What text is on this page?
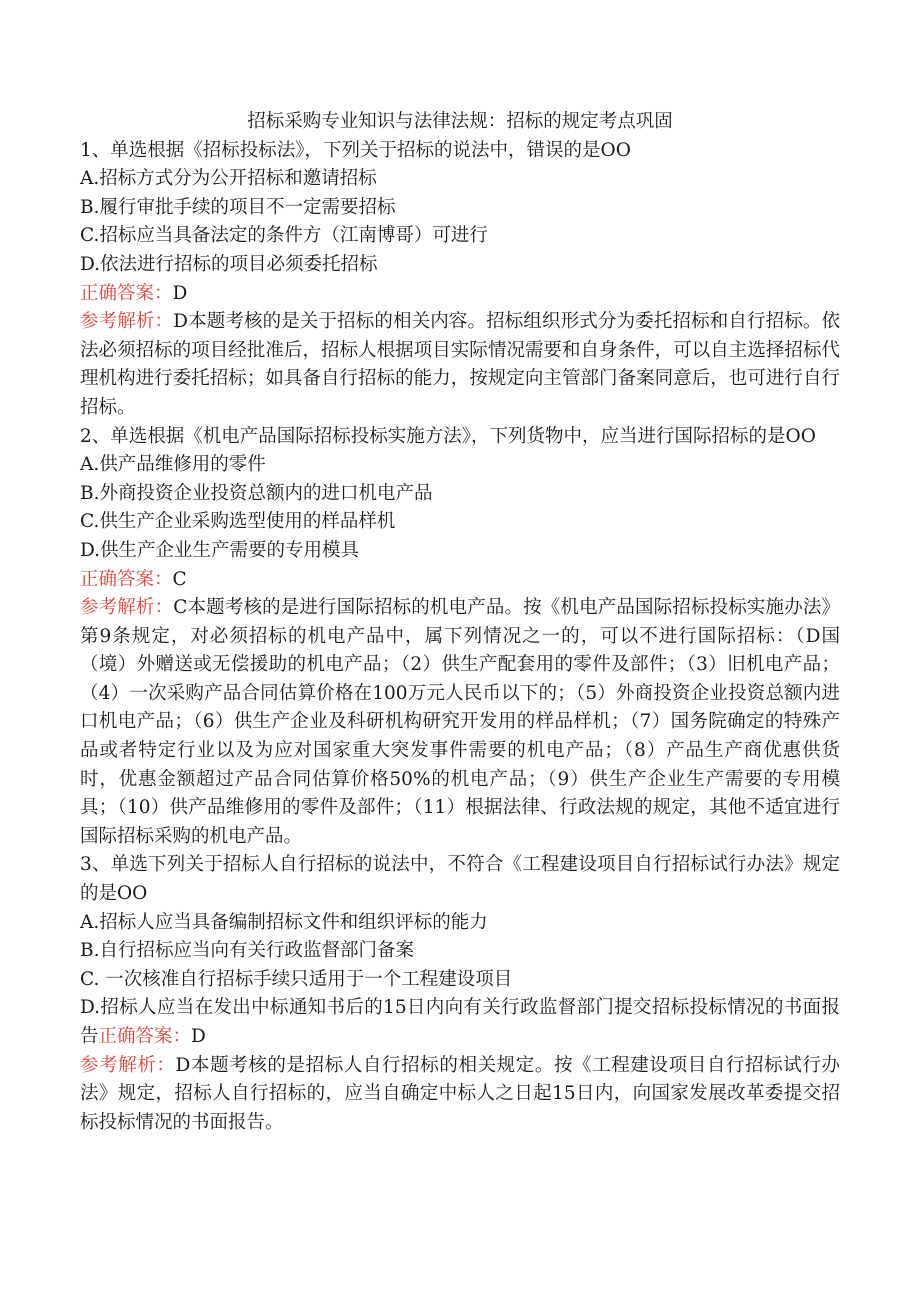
招标采购专业知识与法律法规：招标的规定考点巩固

1、单选根据《招标投标法》，下列关于招标的说法中，错误的是OO

A.招标方式分为公开招标和邀请招标

B.履行审批手续的项目不一定需要招标

C.招标应当具备法定的条件方（江南博哥）可进行

D.依法进行招标的项目必须委托招标

正确答案：D

参考解析：D本题考核的是关于招标的相关内容。招标组织形式分为委托招标和自行招标。依法必须招标的项目经批准后，招标人根据项目实际情况需要和自身条件，可以自主选择招标代理机构进行委托招标；如具备自行招标的能力，按规定向主管部门备案同意后，也可进行自行招标。

2、单选根据《机电产品国际招标投标实施方法》，下列货物中，应当进行国际招标的是OO

A.供产品维修用的零件

B.外商投资企业投资总额内的进口机电产品

C.供生产企业采购选型使用的样品样机

D.供生产企业生产需要的专用模具

正确答案：C

参考解析：C本题考核的是进行国际招标的机电产品。按《机电产品国际招标投标实施办法》第9条规定，对必须招标的机电产品中，属下列情况之一的，可以不进行国际招标：（D国（境）外赠送或无偿援助的机电产品；（2）供生产配套用的零件及部件；（3）旧机电产品；（4）一次采购产品合同估算价格在100万元人民币以下的；（5）外商投资企业投资总额内进口机电产品；（6）供生产企业及科研机构研究开发用的样品样机；（7）国务院确定的特殊产品或者特定行业以及为应对国家重大突发事件需要的机电产品；（8）产品生产商优惠供货时，优惠金额超过产品合同估算价格50%的机电产品；（9）供生产企业生产需要的专用模具；（10）供产品维修用的零件及部件；（11）根据法律、行政法规的规定，其他不适宜进行国际招标采购的机电产品。

3、单选下列关于招标人自行招标的说法中，不符合《工程建设项目自行招标试行办法》规定的是OO

A.招标人应当具备编制招标文件和组织评标的能力

B.自行招标应当向有关行政监督部门备案

C. 一次核准自行招标手续只适用于一个工程建设项目

D.招标人应当在发出中标通知书后的15日内向有关行政监督部门提交招标投标情况的书面报告正确答案：D

参考解析：D本题考核的是招标人自行招标的相关规定。按《工程建设项目自行招标试行办法》规定，招标人自行招标的，应当自确定中标人之日起15日内，向国家发展改革委提交招标投标情况的书面报告。
